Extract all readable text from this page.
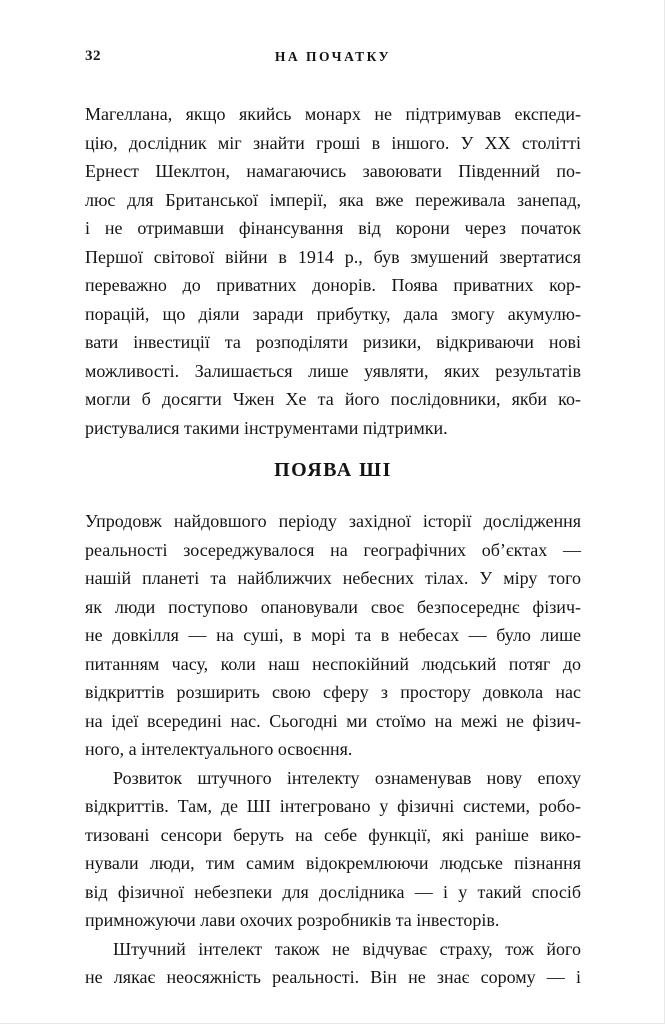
32	НА ПОЧАТКУ
Магеллана, якщо якийсь монарх не підтримував експеди-
цію, дослідник міг знайти гроші в іншого. У ХХ столітті
Ернест Шеклтон, намагаючись завоювати Південний по-
люс для Британської імперії, яка вже переживала занепад,
і не отримавши фінансування від корони через початок
Першої світової війни в 1914 р., був змушений звертатися
переважно до приватних донорів. Поява приватних кор-
порацій, що діяли заради прибутку, дала змогу акумулю-
вати інвестиції та розподіляти ризики, відкриваючи нові
можливості. Залишається лише уявляти, яких результатів
могли б досягти Чжен Хе та його послідовники, якби ко-
ристувалися такими інструментами підтримки.
ПОЯВА ШІ
Упродовж найдовшого періоду західної історії дослідження
реальності зосереджувалося на географічних об’єктах —
нашій планеті та найближчих небесних тілах. У міру того
як люди поступово опановували своє безпосереднє фізич-
не довкілля — на суші, в морі та в небесах — було лише
питанням часу, коли наш неспокійний людський потяг до
відкриттів розширить свою сферу з простору довкола нас
на ідеї всередині нас. Сьогодні ми стоїмо на межі не фізич-
ного, а інтелектуального освоєння.
Розвиток штучного інтелекту ознаменував нову епоху
відкриттів. Там, де ШІ інтегровано у фізичні системи, робо-
тизовані сенсори беруть на себе функції, які раніше вико-
нували люди, тим самим відокремлюючи людське пізнання
від фізичної небезпеки для дослідника — і у такий спосіб
примножуючи лави охочих розробників та інвесторів.
Штучний інтелект також не відчуває страху, тож його
не лякає неосяжність реальності. Він не знає сорому — і
